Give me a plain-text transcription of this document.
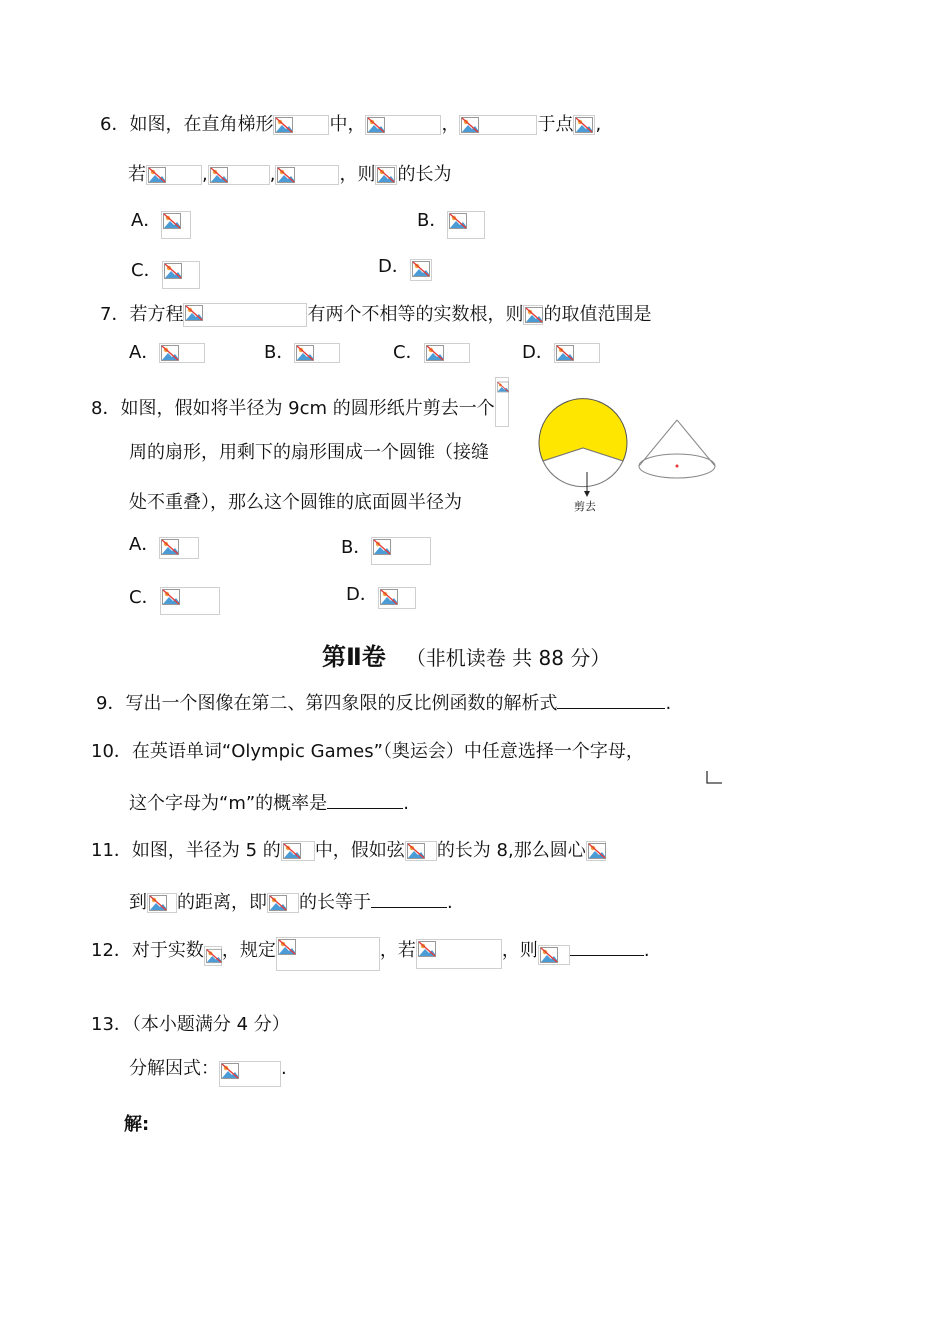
6．如图，在直角梯形	中，	，	于点 ,
若	,	,	，则 的长为
A．	B．
C．	D．
7．若方程	有两个不相等的实数根，则 的取值范围是
A．	B．	C．	D．
8．如图，假如将半径为 9cm 的圆形纸片剪去一个
周的扇形，用剩下的扇形围成一个圆锥（接缝
处不重叠），那么这个圆锥的底面圆半径为	剪去
A．	B．
C．	D．
第Ⅱ卷 （非机读卷 共 88 分）
9．写出一个图像在第二、第四象限的反比例函数的解析式	.
10．在英语单词“Olympic Games”（奥运会）中任意选择一个字母，
这个字母为“m”的概率是	.
11．如图，半径为 5 的 中，假如弦 的长为 8,那么圆心
到 的距离，即 的长等于	.
12．对于实数 ，规定	，若	，则	.
13．（本小题满分 4 分）
分解因式：	.
解:
